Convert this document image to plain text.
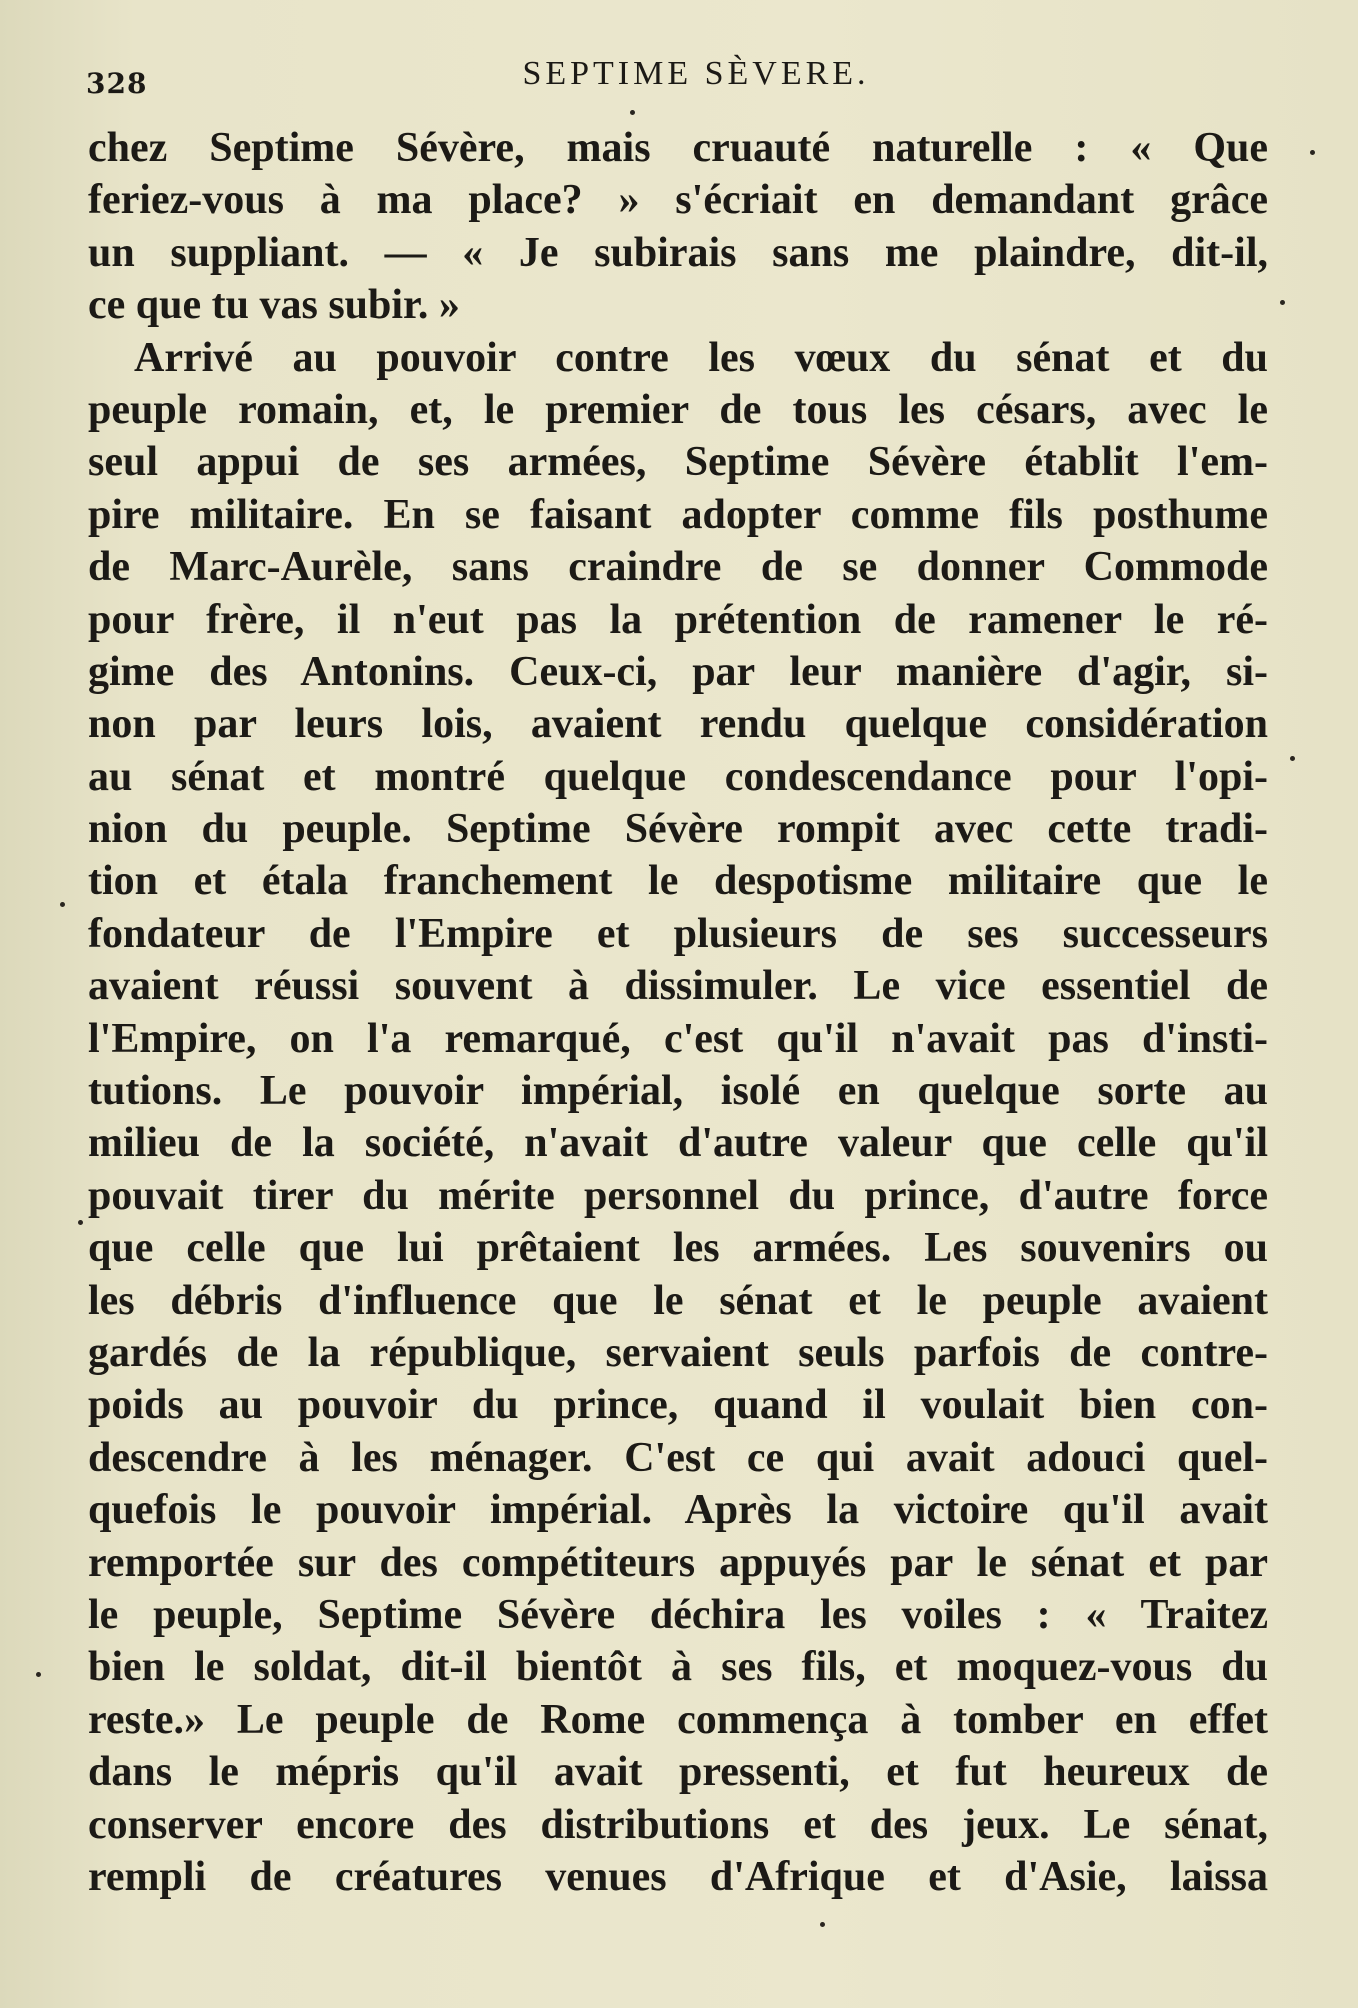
328	SEPTIME SÈVERE.
chez Septime Sévère, mais cruauté naturelle : « Que
feriez-vous à ma place? » s'écriait en demandant grâce
un suppliant. — « Je subirais sans me plaindre, dit-il,
ce que tu vas subir. »
Arrivé au pouvoir contre les vœux du sénat et du
peuple romain, et, le premier de tous les césars, avec le
seul appui de ses armées, Septime Sévère établit l'em-
pire militaire. En se faisant adopter comme fils posthume
de Marc-Aurèle, sans craindre de se donner Commode
pour frère, il n'eut pas la prétention de ramener le ré-
gime des Antonins. Ceux-ci, par leur manière d'agir, si-
non par leurs lois, avaient rendu quelque considération
au sénat et montré quelque condescendance pour l'opi-
nion du peuple. Septime Sévère rompit avec cette tradi-
tion et étala franchement le despotisme militaire que le
fondateur de l'Empire et plusieurs de ses successeurs
avaient réussi souvent à dissimuler. Le vice essentiel de
l'Empire, on l'a remarqué, c'est qu'il n'avait pas d'insti-
tutions. Le pouvoir impérial, isolé en quelque sorte au
milieu de la société, n'avait d'autre valeur que celle qu'il
pouvait tirer du mérite personnel du prince, d'autre force
que celle que lui prêtaient les armées. Les souvenirs ou
les débris d'influence que le sénat et le peuple avaient
gardés de la république, servaient seuls parfois de contre-
poids au pouvoir du prince, quand il voulait bien con-
descendre à les ménager. C'est ce qui avait adouci quel-
quefois le pouvoir impérial. Après la victoire qu'il avait
remportée sur des compétiteurs appuyés par le sénat et par
le peuple, Septime Sévère déchira les voiles : « Traitez
bien le soldat, dit-il bientôt à ses fils, et moquez-vous du
reste.» Le peuple de Rome commença à tomber en effet
dans le mépris qu'il avait pressenti, et fut heureux de
conserver encore des distributions et des jeux. Le sénat,
rempli de créatures venues d'Afrique et d'Asie, laissa
